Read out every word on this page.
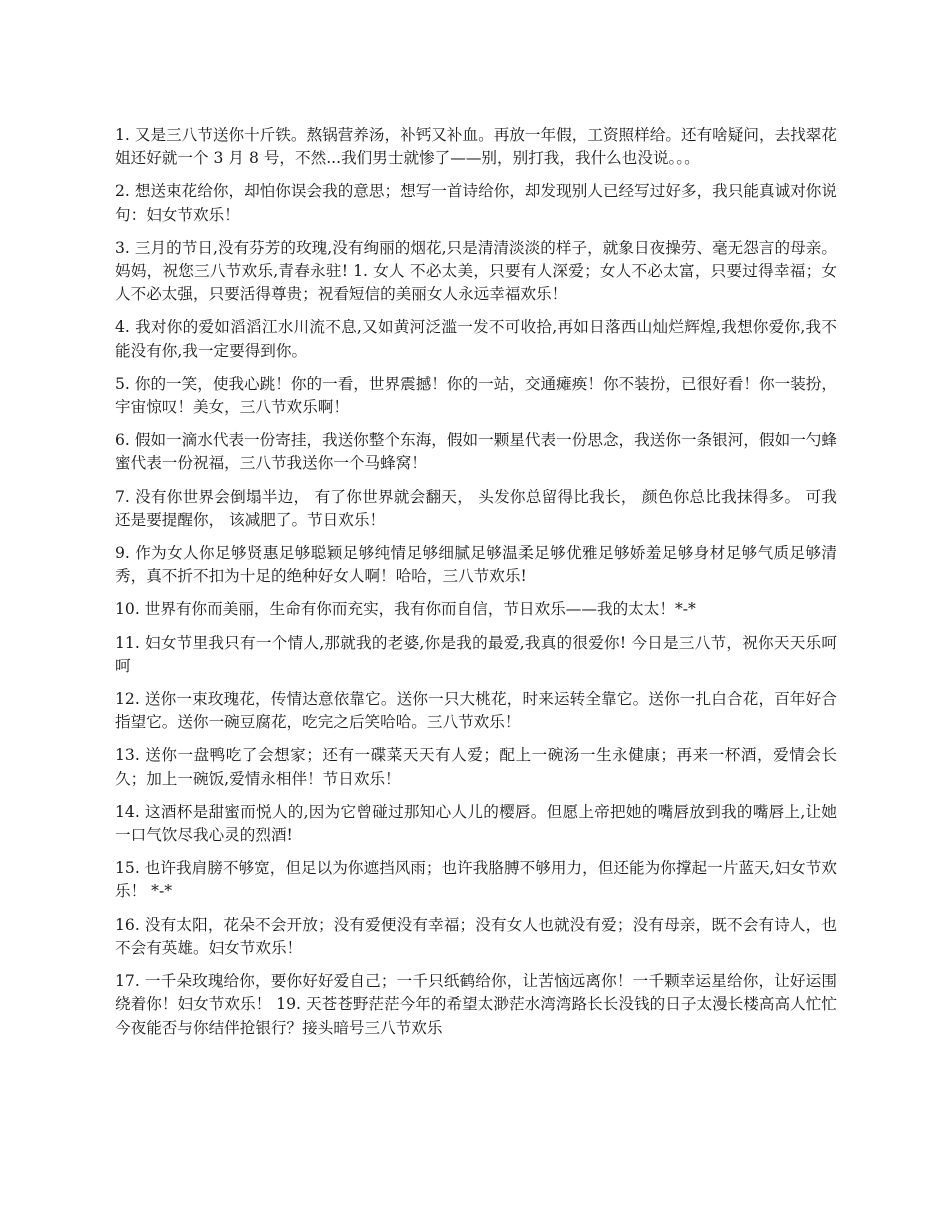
1. 又是三八节送你十斤铁。熬锅营养汤，补钙又补血。再放一年假，工资照样给。还有啥疑问，去找翠花姐还好就一个 3 月 8 号，不然...我们男士就惨了——别，别打我，我什么也没说。。。

2. 想送束花给你，却怕你误会我的意思；想写一首诗给你，却发现别人已经写过好多，我只能真诚对你说句：妇女节欢乐！

3. 三月的节日,没有芬芳的玫瑰,没有绚丽的烟花,只是清清淡淡的样子，就象日夜操劳、毫无怨言的母亲。妈妈，祝您三八节欢乐,青春永驻! 1. 女人 不必太美，只要有人深爱；女人不必太富，只要过得幸福；女人不必太强，只要活得尊贵；祝看短信的美丽女人永远幸福欢乐！

4. 我对你的爱如滔滔江水川流不息,又如黄河泛滥一发不可收拾,再如日落西山灿烂辉煌,我想你爱你,我不能没有你,我一定要得到你。

5. 你的一笑，使我心跳！你的一看，世界震撼！你的一站，交通瘫痪！你不装扮，已很好看！你一装扮，宇宙惊叹！美女，三八节欢乐啊！

6. 假如一滴水代表一份寄挂，我送你整个东海，假如一颗星代表一份思念，我送你一条银河，假如一勺蜂蜜代表一份祝福，三八节我送你一个马蜂窝！

7. 没有你世界会倒塌半边， 有了你世界就会翻天， 头发你总留得比我长， 颜色你总比我抹得多。 可我还是要提醒你， 该减肥了。节日欢乐！

9. 作为女人你足够贤惠足够聪颖足够纯情足够细腻足够温柔足够优雅足够娇羞足够身材足够气质足够清秀，真不折不扣为十足的绝种好女人啊！哈哈，三八节欢乐!

10. 世界有你而美丽，生命有你而充实，我有你而自信，节日欢乐——我的太太！*-*

11. 妇女节里我只有一个情人,那就我的老婆,你是我的最爱,我真的很爱你! 今日是三八节，祝你天天乐呵呵

12. 送你一束玫瑰花，传情达意依靠它。送你一只大桃花，时来运转全靠它。送你一扎白合花，百年好合指望它。送你一碗豆腐花，吃完之后笑哈哈。三八节欢乐！

13. 送你一盘鸭吃了会想家；还有一碟菜天天有人爱；配上一碗汤一生永健康；再来一杯酒，爱情会长久；加上一碗饭,爱情永相伴！节日欢乐！

14. 这酒杯是甜蜜而悦人的,因为它曾碰过那知心人儿的樱唇。但愿上帝把她的嘴唇放到我的嘴唇上,让她一口气饮尽我心灵的烈酒!

15. 也许我肩膀不够宽，但足以为你遮挡风雨；也许我胳膊不够用力，但还能为你撑起一片蓝天,妇女节欢乐！ *-*

16. 没有太阳，花朵不会开放；没有爱便没有幸福；没有女人也就没有爱；没有母亲，既不会有诗人，也不会有英雄。妇女节欢乐！

17. 一千朵玫瑰给你，要你好好爱自己；一千只纸鹤给你，让苦恼远离你！一千颗幸运星给你，让好运围绕着你！妇女节欢乐！ 19. 天苍苍野茫茫今年的希望太渺茫水湾湾路长长没钱的日子太漫长楼高高人忙忙今夜能否与你结伴抢银行？接头暗号三八节欢乐
